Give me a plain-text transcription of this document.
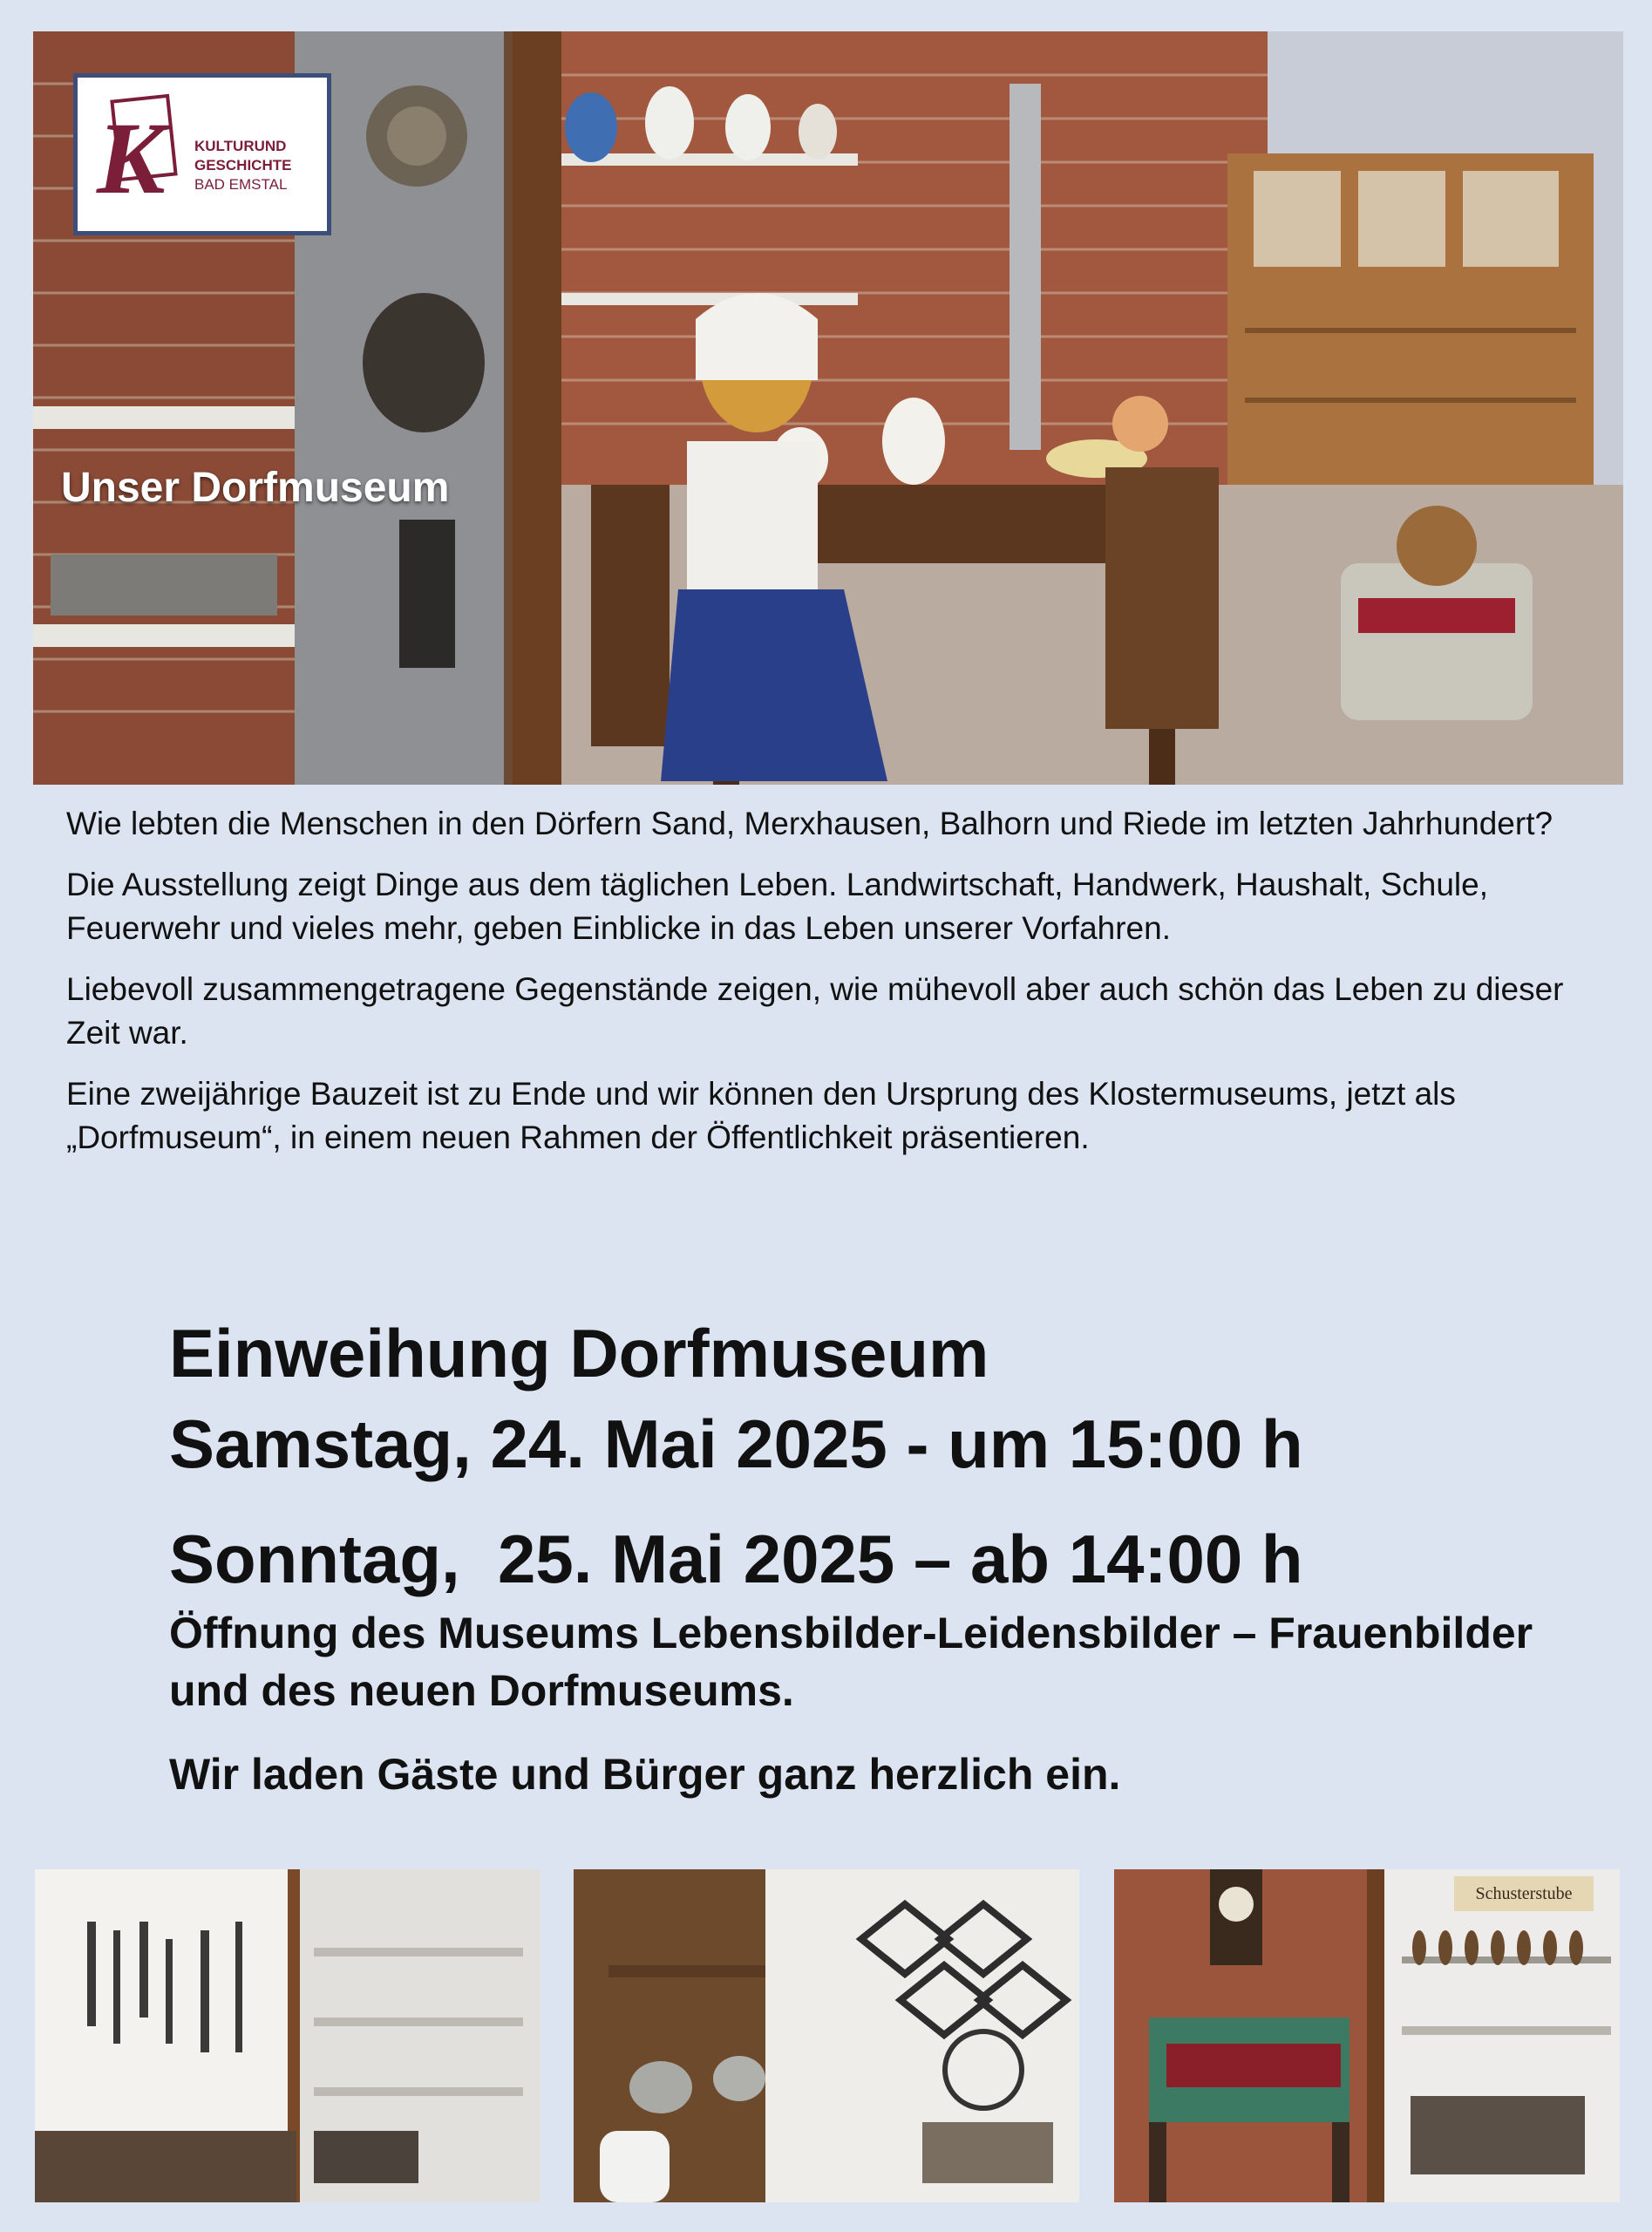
K	KULTURUND
GESCHICHTE
BAD EMSTAL
Unser Dorfmuseum

Wie lebten die Menschen in den Dörfern Sand, Merxhausen, Balhorn und Riede im letzten Jahrhundert?

Die Ausstellung zeigt Dinge aus dem täglichen Leben. Landwirtschaft, Handwerk, Haushalt, Schule, Feuerwehr und vieles mehr, geben Einblicke in das Leben unserer Vorfahren.

Liebevoll zusammengetragene Gegenstände zeigen, wie mühevoll aber auch schön das Leben zu dieser Zeit war.

Eine zweijährige Bauzeit ist zu Ende und wir können den Ursprung des Klostermuseums, jetzt als „Dorfmuseum“, in einem neuen Rahmen der Öffentlichkeit präsentieren.

Einweihung Dorfmuseum
Samstag, 24. Mai 2025 - um 15:00 h
Sonntag,  25. Mai 2025 – ab 14:00 h
Öffnung des Museums Lebensbilder-Leidensbilder – Frauenbilder und des neuen Dorfmuseums.
Wir laden Gäste und Bürger ganz herzlich ein.
Schusterstube
